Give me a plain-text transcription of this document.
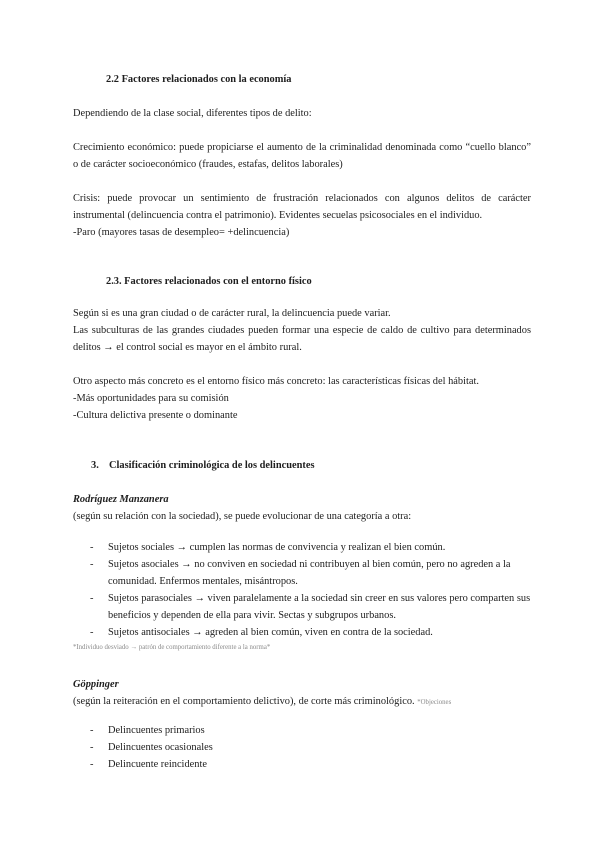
2.2 Factores relacionados con la economía

Dependiendo de la clase social, diferentes tipos de delito:

Crecimiento económico: puede propiciarse el aumento de la criminalidad denominada como “cuello blanco” o de carácter socioeconómico (fraudes, estafas, delitos laborales)

Crisis: puede provocar un sentimiento de frustración relacionados con algunos delitos de carácter instrumental (delincuencia contra el patrimonio). Evidentes secuelas psicosociales en el individuo.

-Paro (mayores tasas de desempleo= +delincuencia)

2.3. Factores relacionados con el entorno físico

Según si es una gran ciudad o de carácter rural, la delincuencia puede variar.

Las subculturas de las grandes ciudades pueden formar una especie de caldo de cultivo para determinados delitos → el control social es mayor en el ámbito rural.

Otro aspecto más concreto es el entorno físico más concreto: las características físicas del hábitat.

-Más oportunidades para su comisión

-Cultura delictiva presente o dominante

3. Clasificación criminológica de los delincuentes
Rodríguez Manzanera

(según su relación con la sociedad), se puede evolucionar de una categoría a otra:

- Sujetos sociales → cumplen las normas de convivencia y realizan el bien común.
- Sujetos asociales → no conviven en sociedad ni contribuyen al bien común, pero no agreden a la comunidad. Enfermos mentales, misántropos.
- Sujetos parasociales → viven paralelamente a la sociedad sin creer en sus valores pero comparten sus beneficios y dependen de ella para vivir. Sectas y subgrupos urbanos.
- Sujetos antisociales → agreden al bien común, viven en contra de la sociedad.
*Individuo desviado → patrón de comportamiento diferente a la norma*
Göppinger

(según la reiteración en el comportamiento delictivo), de corte más criminológico. *Objeciones

- Delincuentes primarios
- Delincuentes ocasionales
- Delincuente reincidente
